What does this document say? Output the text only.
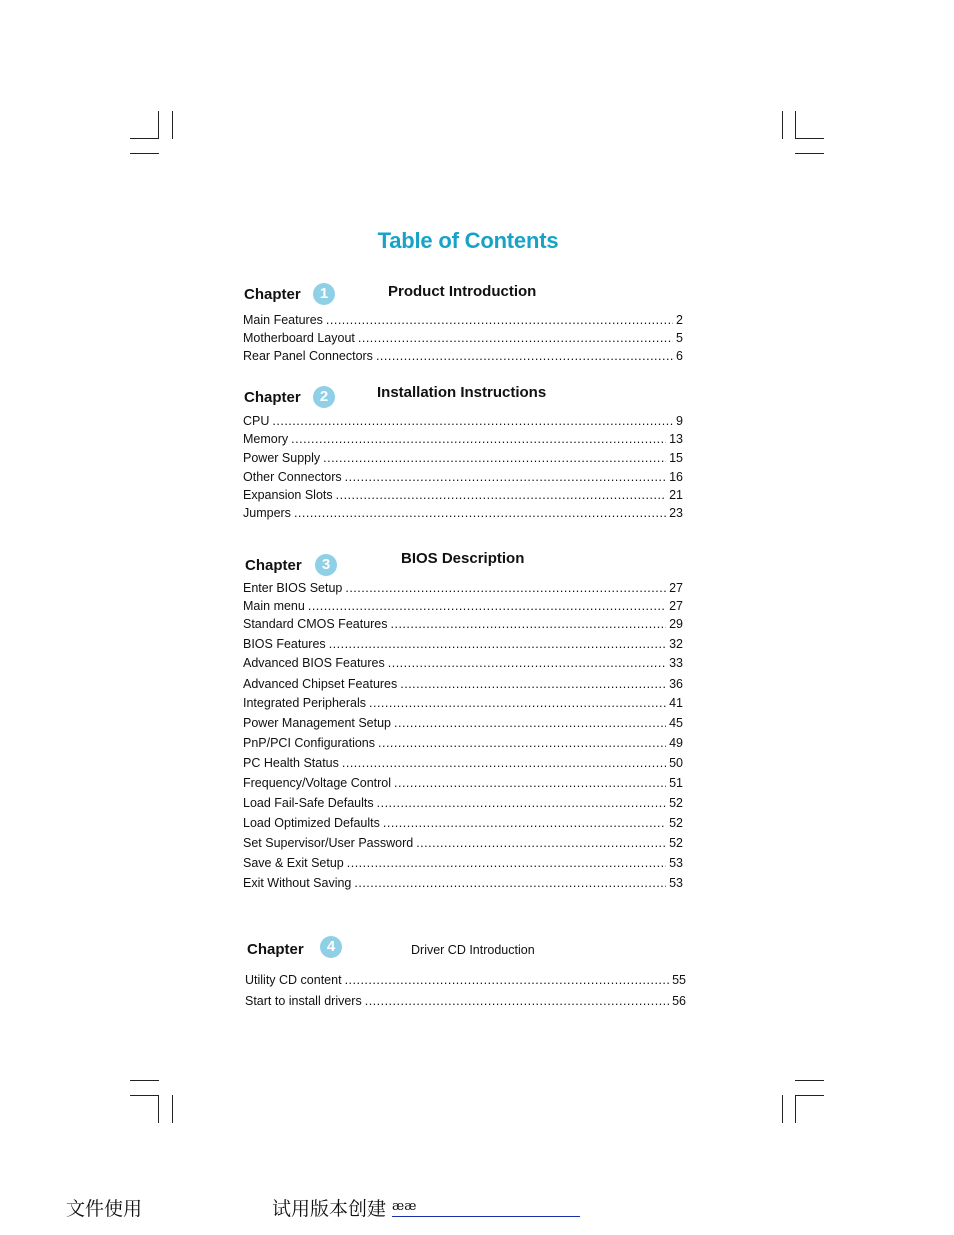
Table of Contents
Chapter	1	Product Introduction
Main Features .....	2
Motherboard Layout .....	5
Rear Panel Connectors .....	6
Chapter	2	Installation Instructions
CPU .....	9
Memory .....	13
Power Supply .....	15
Other Connectors .....	16
Expansion Slots .....	21
Jumpers .....	23
Chapter	3	BIOS Description
Enter BIOS Setup .....	27
Main menu .....	27
Standard CMOS Features .....	29
BIOS Features .....	32
Advanced BIOS Features .....	33
Advanced Chipset Features .....	36
Integrated Peripherals .....	41
Power Management Setup .....	45
PnP/PCI Configurations .....	49
PC Health Status .....	50
Frequency/Voltage Control .....	51
Load Fail-Safe Defaults .....	52
Load Optimized Defaults .....	52
Set Supervisor/User Password .....	52
Save & Exit Setup .....	53
Exit Without Saving .....	53
Chapter	4	Driver CD Introduction
Utility CD content .....	55
Start to install drivers .....	56
文件使用	试用版本创建 ææ
